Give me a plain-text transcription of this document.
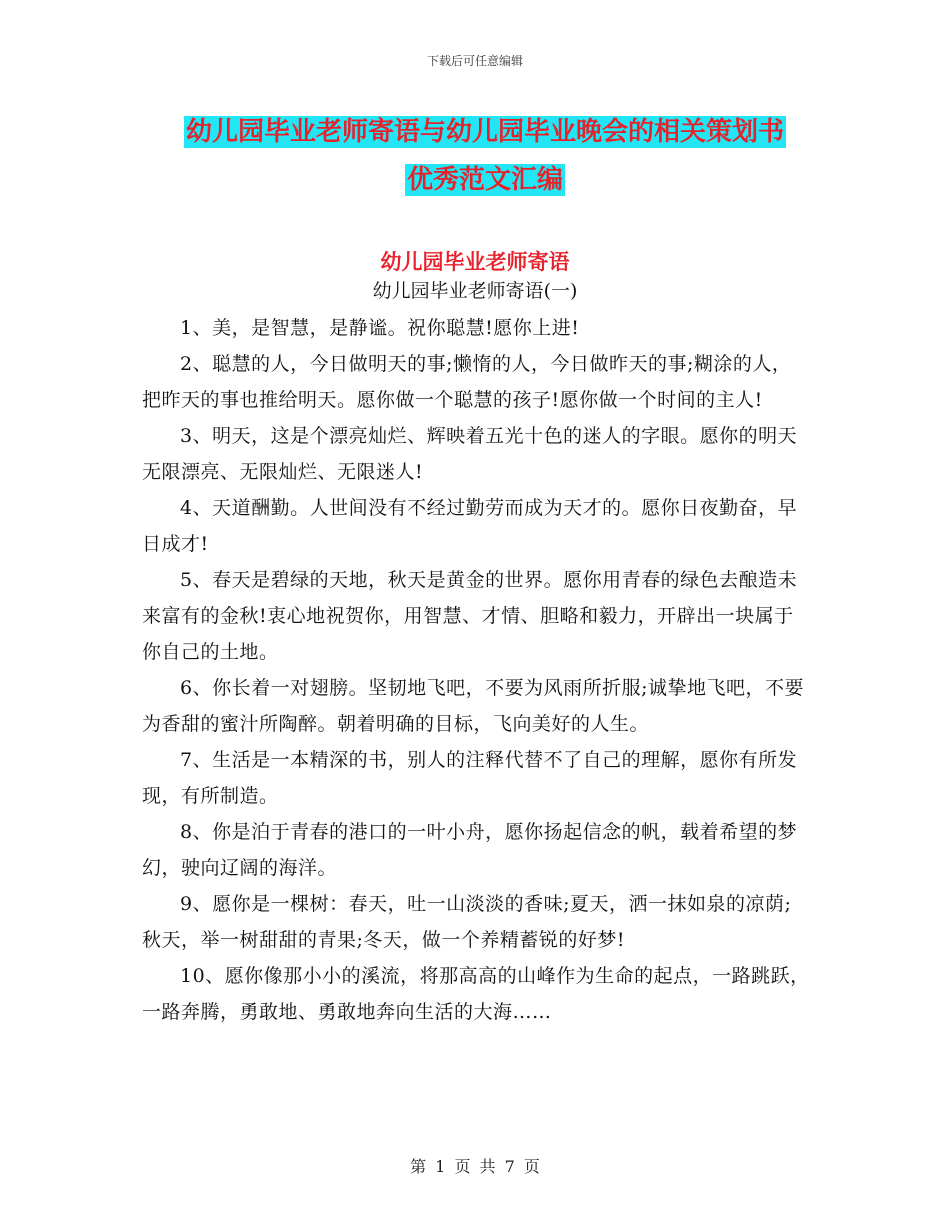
下载后可任意编辑
幼儿园毕业老师寄语与幼儿园毕业晚会的相关策划书
优秀范文汇编
幼儿园毕业老师寄语
幼儿园毕业老师寄语(一)

1、美，是智慧，是静谧。祝你聪慧!愿你上进!

2、聪慧的人，今日做明天的事;懒惰的人，今日做昨天的事;糊涂的人，把昨天的事也推给明天。愿你做一个聪慧的孩子!愿你做一个时间的主人!

3、明天，这是个漂亮灿烂、辉映着五光十色的迷人的字眼。愿你的明天无限漂亮、无限灿烂、无限迷人!

4、天道酬勤。人世间没有不经过勤劳而成为天才的。愿你日夜勤奋，早日成才!

5、春天是碧绿的天地，秋天是黄金的世界。愿你用青春的绿色去酿造未来富有的金秋!衷心地祝贺你，用智慧、才情、胆略和毅力，开辟出一块属于你自己的土地。

6、你长着一对翅膀。坚韧地飞吧，不要为风雨所折服;诚挚地飞吧，不要为香甜的蜜汁所陶醉。朝着明确的目标，飞向美好的人生。

7、生活是一本精深的书，别人的注释代替不了自己的理解，愿你有所发现，有所制造。

8、你是泊于青春的港口的一叶小舟，愿你扬起信念的帆，载着希望的梦幻，驶向辽阔的海洋。

9、愿你是一棵树：春天，吐一山淡淡的香味;夏天，洒一抹如泉的凉荫;秋天，举一树甜甜的青果;冬天，做一个养精蓄锐的好梦!

10、愿你像那小小的溪流，将那高高的山峰作为生命的起点，一路跳跃，一路奔腾，勇敢地、勇敢地奔向生活的大海……

第 1 页 共 7 页
